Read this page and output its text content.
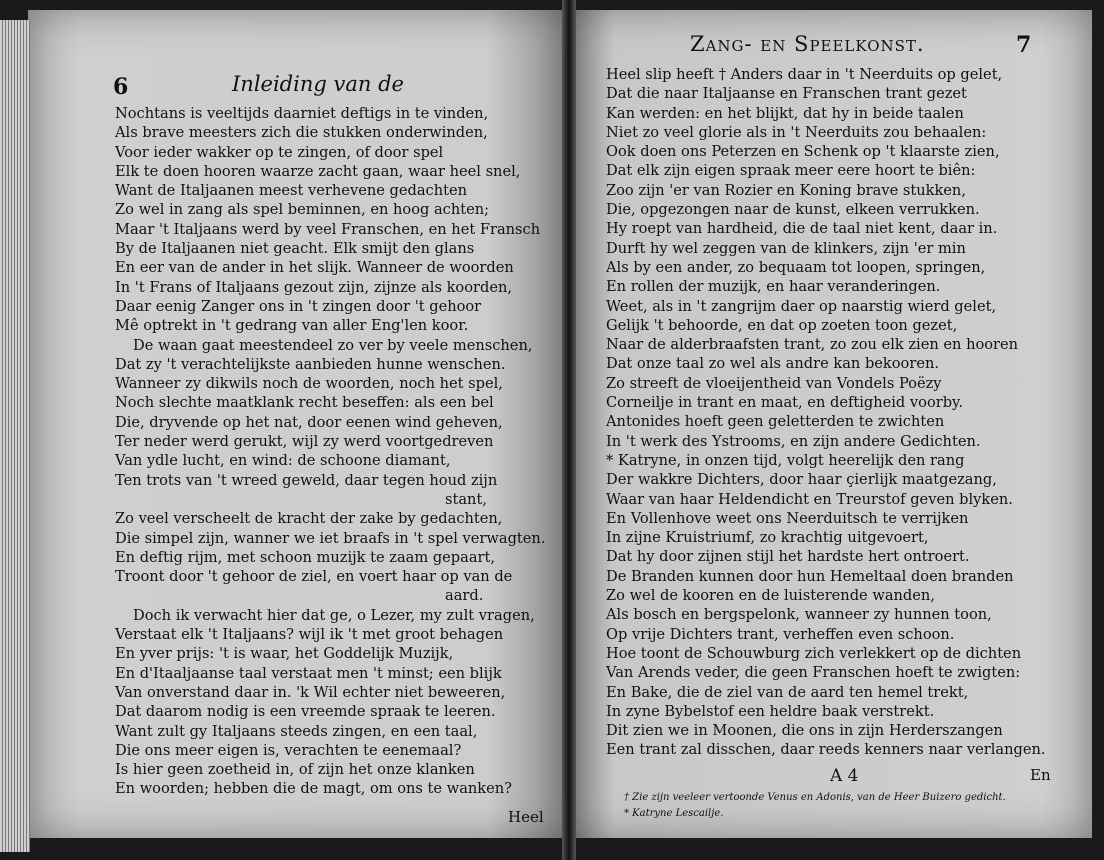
6	Inleiding van de
Nochtans is veeltijds daarniet deftigs in te vinden,
Als brave meesters zich die stukken onderwinden,
Voor ieder wakker op te zingen, of door spel
Elk te doen hooren waarze zacht gaan, waar heel snel,
Want de Italjaanen meest verhevene gedachten
Zo wel in zang als spel beminnen, en hoog achten;
Maar 't Italjaans werd by veel Franschen, en het Fransch
By de Italjaanen niet geacht. Elk smijt den glans
En eer van de ander in het slijk. Wanneer de woorden
In 't Frans of Italjaans gezout zijn, zijnze als koorden,
Daar eenig Zanger ons in 't zingen door 't gehoor
Mê optrekt in 't gedrang van aller Eng'len koor.
De waan gaat meestendeel zo ver by veele menschen,
Dat zy 't verachtelijkste aanbieden hunne wenschen.
Wanneer zy dikwils noch de woorden, noch het spel,
Noch slechte maatklank recht beseffen: als een bel
Die, dryvende op het nat, door eenen wind geheven,
Ter neder werd gerukt, wijl zy werd voortgedreven
Van ydle lucht, en wind: de schoone diamant,
Ten trots van 't wreed geweld, daar tegen houd zijn
stant,
Zo veel verscheelt de kracht der zake by gedachten,
Die simpel zijn, wanner we iet braafs in 't spel verwagten.
En deftig rijm, met schoon muzijk te zaam gepaart,
Troont door 't gehoor de ziel, en voert haar op van de
aard.
Doch ik verwacht hier dat ge, o Lezer, my zult vragen,
Verstaat elk 't Italjaans? wijl ik 't met groot behagen
En yver prijs: 't is waar, het Goddelijk Muzijk,
En d'Itaaljaanse taal verstaat men 't minst; een blijk
Van onverstand daar in. 'k Wil echter niet beweeren,
Dat daarom nodig is een vreemde spraak te leeren.
Want zult gy Italjaans steeds zingen, en een taal,
Die ons meer eigen is, verachten te eenemaal?
Is hier geen zoetheid in, of zijn het onze klanken
En woorden; hebben die de magt, om ons te wanken?
Heel
Zang- en Speelkonst.	7
Heel slip heeft † Anders daar in 't Neerduits op gelet,
Dat die naar Italjaanse en Franschen trant gezet
Kan werden: en het blijkt, dat hy in beide taalen
Niet zo veel glorie als in 't Neerduits zou behaalen:
Ook doen ons Peterzen en Schenk op 't klaarste zien,
Dat elk zijn eigen spraak meer eere hoort te biên:
Zoo zijn 'er van Rozier en Koning brave stukken,
Die, opgezongen naar de kunst, elkeen verrukken.
Hy roept van hardheid, die de taal niet kent, daar in.
Durft hy wel zeggen van de klinkers, zijn 'er min
Als by een ander, zo bequaam tot loopen, springen,
En rollen der muzijk, en haar veranderingen.
Weet, als in 't zangrijm daer op naarstig wierd gelet,
Gelijk 't behoorde, en dat op zoeten toon gezet,
Naar de alderbraafsten trant, zo zou elk zien en hooren
Dat onze taal zo wel als andre kan bekooren.
Zo streeft de vloeijentheid van Vondels Poëzy
Corneilje in trant en maat, en deftigheid voorby.
Antonides hoeft geen geletterden te zwichten
In 't werk des Ystrooms, en zijn andere Gedichten.
* Katryne, in onzen tijd, volgt heerelijk den rang
Der wakkre Dichters, door haar çierlijk maatgezang,
Waar van haar Heldendicht en Treurstof geven blyken.
En Vollenhove weet ons Neerduitsch te verrijken
In zijne Kruistriumf, zo krachtig uitgevoert,
Dat hy door zijnen stijl het hardste hert ontroert.
De Branden kunnen door hun Hemeltaal doen branden
Zo wel de kooren en de luisterende wanden,
Als bosch en bergspelonk, wanneer zy hunnen toon,
Op vrije Dichters trant, verheffen even schoon.
Hoe toont de Schouwburg zich verlekkert op de dichten
Van Arends veder, die geen Franschen hoeft te zwigten:
En Bake, die de ziel van de aard ten hemel trekt,
In zyne Bybelstof een heldre baak verstrekt.
Dit zien we in Moonen, die ons in zijn Herderszangen
Een trant zal disschen, daar reeds kenners naar verlangen.
A 4	En
† Zie zijn veeleer vertoonde Venus en Adonis, van de Heer Buizero gedicht.
* Katryne Lescailje.
